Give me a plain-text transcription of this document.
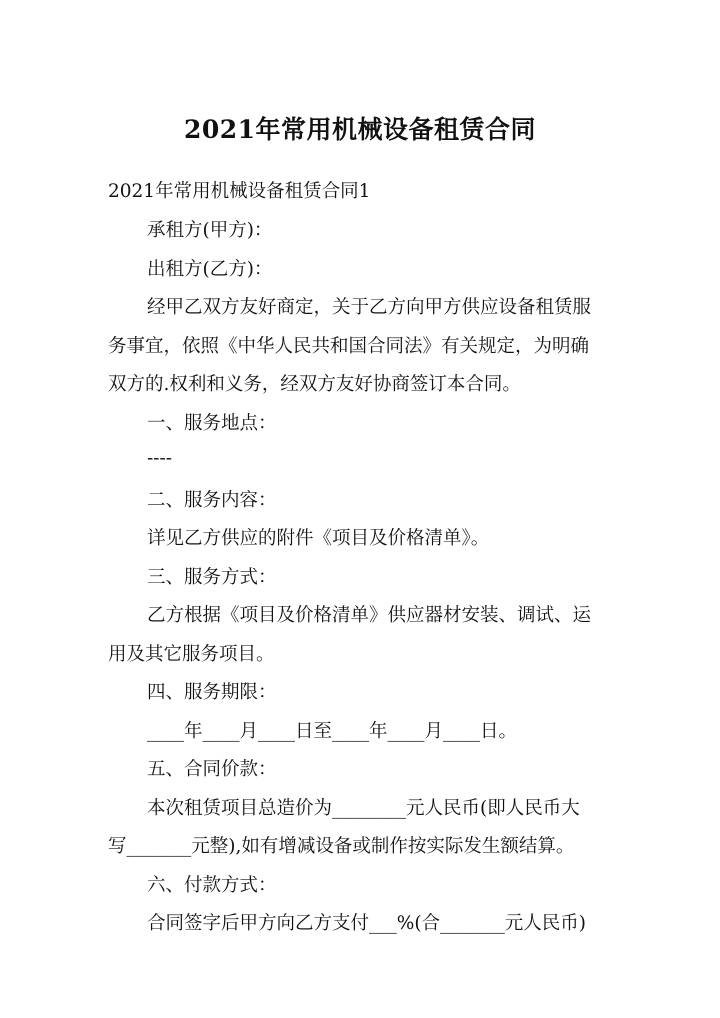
2021年常用机械设备租赁合同
2021年常用机械设备租赁合同1
承租方(甲方)：
出租方(乙方)：
经甲乙双方友好商定，关于乙方向甲方供应设备租赁服
务事宜，依照《中华人民共和国合同法》有关规定，为明确
双方的.权利和义务，经双方友好协商签订本合同。
一、服务地点：
----
二、服务内容：
详见乙方供应的附件《项目及价格清单》。
三、服务方式：
乙方根据《项目及价格清单》供应器材安装、调试、运
用及其它服务项目。
四、服务期限：
____年____月____日至____年____月____日。
五、合同价款：
本次租赁项目总造价为________元人民币(即人民币大
写_______元整),如有增减设备或制作按实际发生额结算。
六、付款方式：
合同签字后甲方向乙方支付___%(合_______元人民币)
